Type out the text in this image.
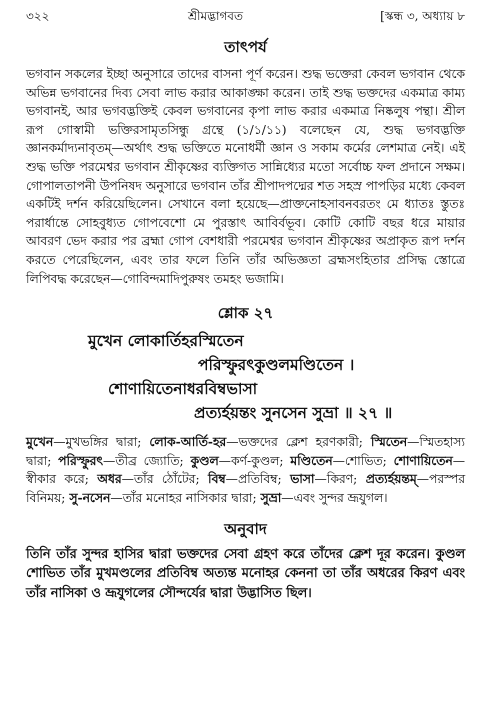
৩২২	শ্রীমদ্ভাগবত	[স্কন্ধ ৩, অধ্যায় ৮
তাৎপর্য

ভগবান সকলের ইচ্ছা অনুসারে তাদের বাসনা পূর্ণ করেন। শুদ্ধ ভক্তেরা কেবল ভগবান থেকে অভিন্ন ভগবানের দিব্য সেবা লাভ করার আকাঙ্ক্ষা করেন। তাই শুদ্ধ ভক্তদের একমাত্র কাম্য ভগবানই, আর ভগবদ্ভক্তিই কেবল ভগবানের কৃপা লাভ করার একমাত্র নিষ্কলুষ পন্থা। শ্রীল রূপ গোস্বামী ভক্তিরসামৃতসিন্ধু গ্রন্থে (১/১/১১) বলেছেন যে, শুদ্ধ ভগবদ্ভক্তি জ্ঞানকর্মাদ্যনাবৃতম্—অর্থাৎ শুদ্ধ ভক্তিতে মনোধর্মী জ্ঞান ও সকাম কর্মের লেশমাত্র নেই। এই শুদ্ধ ভক্তি পরমেশ্বর ভগবান শ্রীকৃষ্ণের ব্যক্তিগত সান্নিধ্যের মতো সর্বোচ্চ ফল প্রদানে সক্ষম। গোপালতাপনী উপনিষদ অনুসারে ভগবান তাঁর শ্রীপাদপদ্মের শত সহস্র পাপড়ির মধ্যে কেবল একটিই দর্শন করিয়েছিলেন। সেখানে বলা হয়েছে—প্রাক্তনোহসাবনবরতং মে ধ্যাতঃ স্তুতঃ পরার্ধান্তে সোহবুধ্যত গোপবেশো মে পুরস্তাৎ আবির্বভূব। কোটি কোটি বছর ধরে মায়ার আবরণ ভেদ করার পর ব্রহ্মা গোপ বেশধারী পরমেশ্বর ভগবান শ্রীকৃষ্ণের অপ্রাকৃত রূপ দর্শন করতে পেরেছিলেন, এবং তার ফলে তিনি তাঁর অভিজ্ঞতা ব্রহ্মসংহিতার প্রসিদ্ধ স্তোত্রে লিপিবদ্ধ করেছেন—গোবিন্দমাদিপুরুষং তমহং ভজামি।

শ্লোক ২৭
মুখেন লোকার্তিহরস্মিতেন
পরিস্ফুরৎকুণ্ডলমণ্ডিতেন ।
শোণায়িতেনাধরবিম্বভাসা
প্রত্যর্হয়ন্তং সুনসেন সুভ্রা ॥ ২৭ ॥

মুখেন—মুখভঙ্গির দ্বারা; লোক-আর্তি-হর—ভক্তদের ক্লেশ হরণকারী; স্মিতেন—স্মিতহাস্য দ্বারা; পরিস্ফুরৎ—তীব্র জ্যোতি; কুণ্ডল—কর্ণ-কুণ্ডল; মণ্ডিতেন—শোভিত; শোণায়িতেন—স্বীকার করে; অধর—তাঁর ঠোঁটের; বিম্ব—প্রতিবিম্ব; ভাসা—কিরণ; প্রত্যর্হয়ন্তম্—পরস্পর বিনিময়; সু-নসেন—তাঁর মনোহর নাসিকার দ্বারা; সুভ্রা—এবং সুন্দর ভ্রূযুগল।

অনুবাদ

তিনি তাঁর সুন্দর হাসির দ্বারা ভক্তদের সেবা গ্রহণ করে তাঁদের ক্লেশ দূর করেন। কুণ্ডল শোভিত তাঁর মুখমণ্ডলের প্রতিবিম্ব অত্যন্ত মনোহর কেননা তা তাঁর অধরের কিরণ এবং তাঁর নাসিকা ও ভ্রূযুগলের সৌন্দর্যের দ্বারা উদ্ভাসিত ছিল।
